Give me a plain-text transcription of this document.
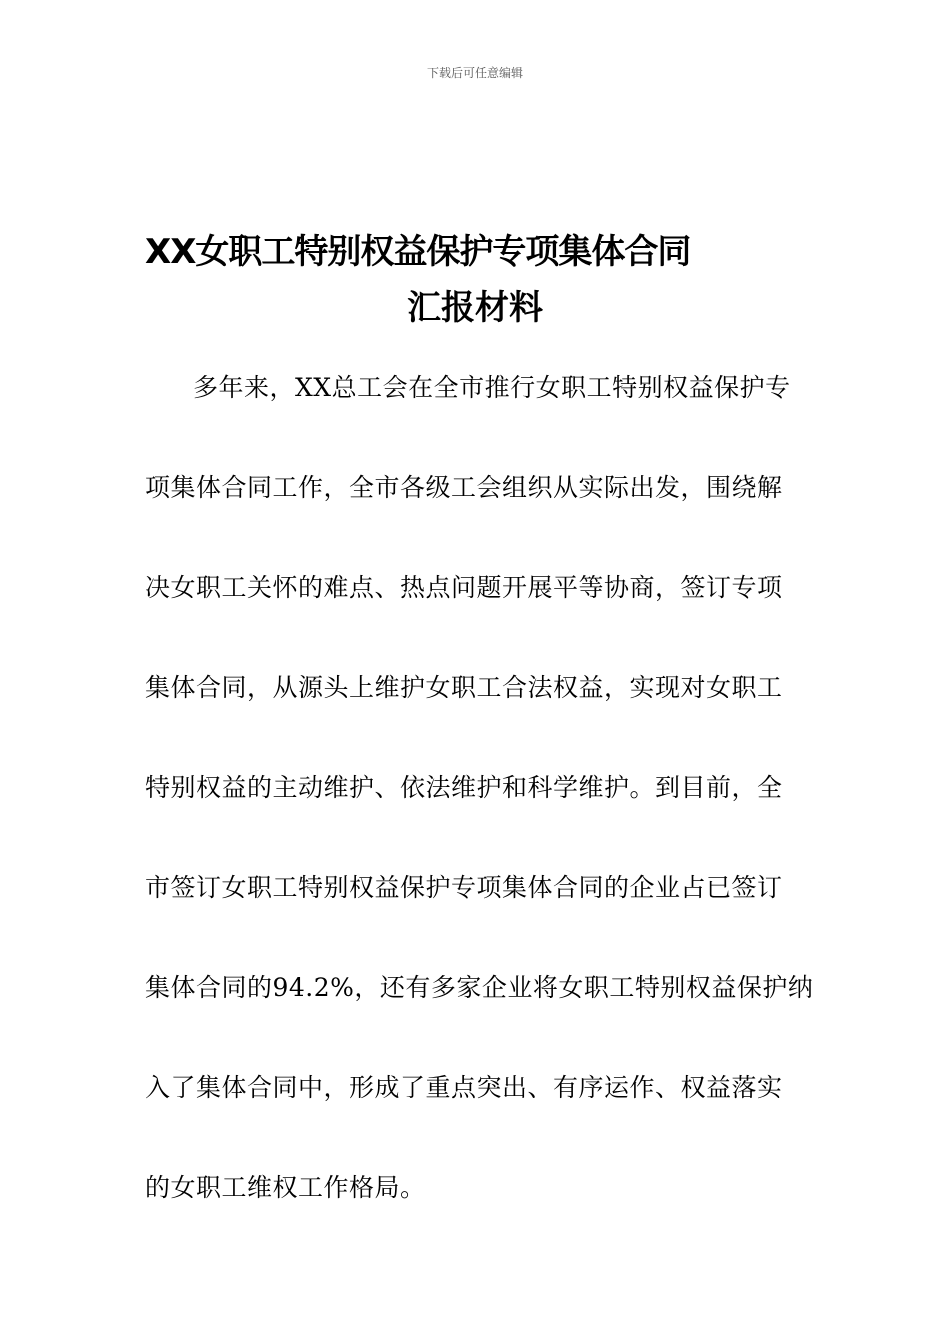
下载后可任意编辑
XX女职工特别权益保护专项集体合同
汇报材料
多年来，XX总工会在全市推行女职工特别权益保护专
项集体合同工作，全市各级工会组织从实际出发，围绕解
决女职工关怀的难点、热点问题开展平等协商，签订专项
集体合同，从源头上维护女职工合法权益，实现对女职工
特别权益的主动维护、依法维护和科学维护。到目前，全
市签订女职工特别权益保护专项集体合同的企业占已签订
集体合同的94.2%，还有多家企业将女职工特别权益保护纳
入了集体合同中，形成了重点突出、有序运作、权益落实
的女职工维权工作格局。
